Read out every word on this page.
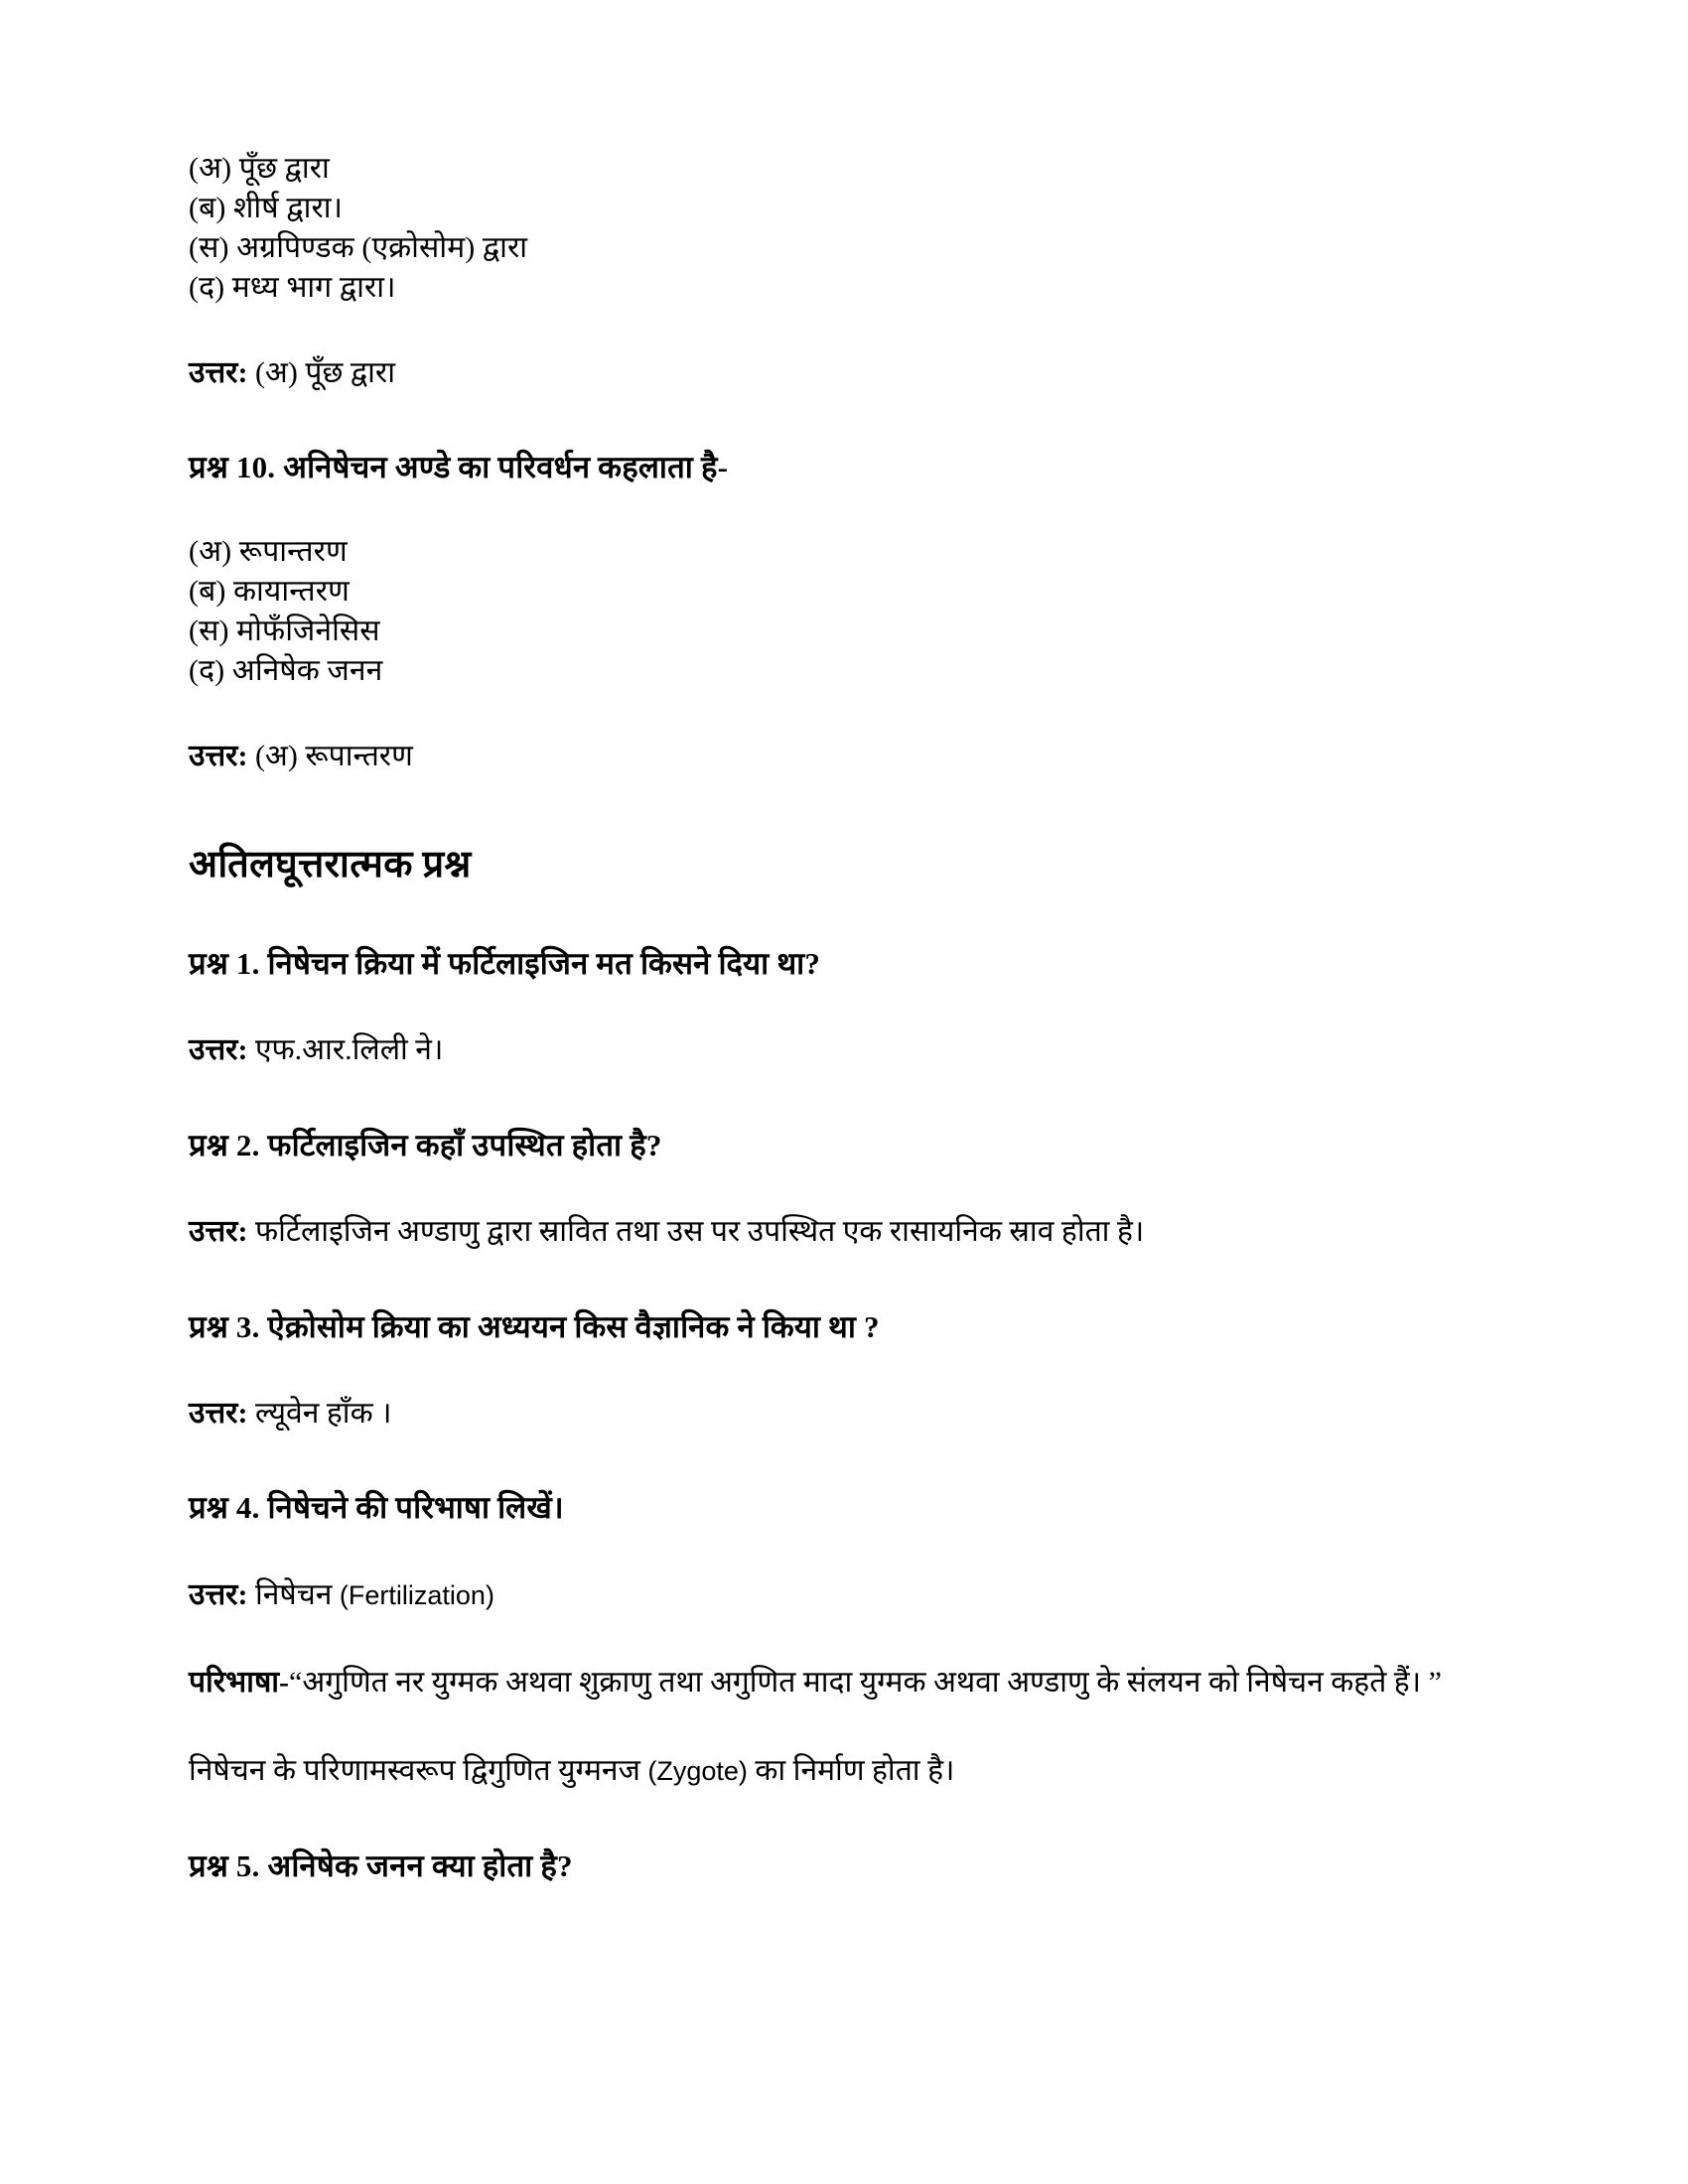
(अ) पूँछ द्वारा
(ब) शीर्ष द्वारा।
(स) अग्रपिण्डक (एक्रोसोम) द्वारा
(द) मध्य भाग द्वारा।

उत्तर: (अ) पूँछ द्वारा

प्रश्न 10. अनिषेचन अण्डे का परिवर्धन कहलाता है-
(अ) रूपान्तरण
(ब) कायान्तरण
(स) मोफँजिनेसिस
(द) अनिषेक जनन

उत्तर: (अ) रूपान्तरण

अतिलघूत्तरात्मक प्रश्न
प्रश्न 1. निषेचन क्रिया में फर्टिलाइजिन मत किसने दिया था?

उत्तर: एफ.आर.लिली ने।

प्रश्न 2. फर्टिलाइजिन कहाँ उपस्थित होता है?

उत्तर: फर्टिलाइजिन अण्डाणु द्वारा स्रावित तथा उस पर उपस्थित एक रासायनिक स्राव होता है।

प्रश्न 3. ऐक्रोसोम क्रिया का अध्ययन किस वैज्ञानिक ने किया था ?

उत्तर: ल्यूवेन हाँक ।

प्रश्न 4. निषेचने की परिभाषा लिखें।

उत्तर: निषेचन (Fertilization)

परिभाषा-“अगुणित नर युग्मक अथवा शुक्राणु तथा अगुणित मादा युग्मक अथवा अण्डाणु के संलयन को निषेचन कहते हैं। ”

निषेचन के परिणामस्वरूप द्विगुणित युग्मनज (Zygote) का निर्माण होता है।

प्रश्न 5. अनिषेक जनन क्या होता है?
